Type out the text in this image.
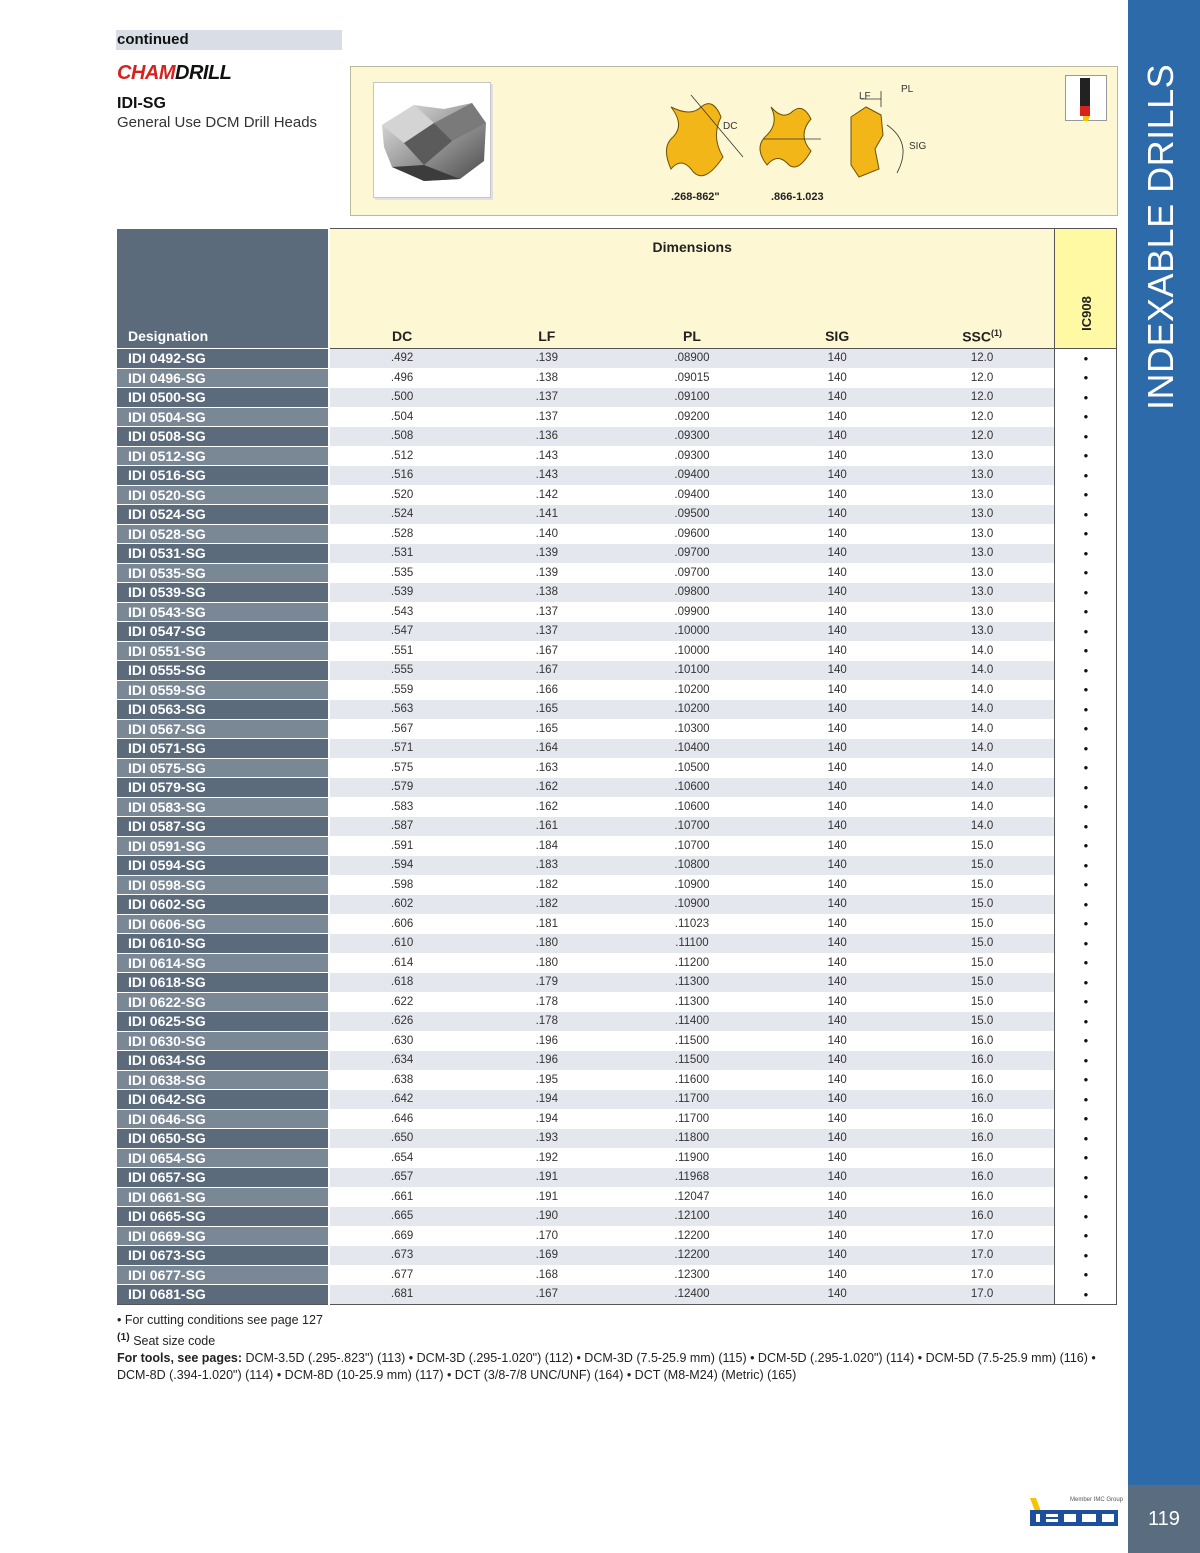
continued
CHAMDRILL
IDI-SG
General Use DCM Drill Heads	DC
LF
PL
SIG
.268-862"	.866-1.023
Designation	Dimensions					IC908
	DC	LF	PL	SIG	SSC$^{(1)}$	
IDI 0492-SG	.492	.139	.08900	140	12.0	•
IDI 0496-SG	.496	.138	.09015	140	12.0	•
IDI 0500-SG	.500	.137	.09100	140	12.0	•
IDI 0504-SG	.504	.137	.09200	140	12.0	•
IDI 0508-SG	.508	.136	.09300	140	12.0	•
IDI 0512-SG	.512	.143	.09300	140	13.0	•
IDI 0516-SG	.516	.143	.09400	140	13.0	•
IDI 0520-SG	.520	.142	.09400	140	13.0	•
IDI 0524-SG	.524	.141	.09500	140	13.0	•
IDI 0528-SG	.528	.140	.09600	140	13.0	•
IDI 0531-SG	.531	.139	.09700	140	13.0	•
IDI 0535-SG	.535	.139	.09700	140	13.0	•
IDI 0539-SG	.539	.138	.09800	140	13.0	•
IDI 0543-SG	.543	.137	.09900	140	13.0	•
IDI 0547-SG	.547	.137	.10000	140	13.0	•
IDI 0551-SG	.551	.167	.10000	140	14.0	•
IDI 0555-SG	.555	.167	.10100	140	14.0	•
IDI 0559-SG	.559	.166	.10200	140	14.0	•
IDI 0563-SG	.563	.165	.10200	140	14.0	•
IDI 0567-SG	.567	.165	.10300	140	14.0	•
IDI 0571-SG	.571	.164	.10400	140	14.0	•
IDI 0575-SG	.575	.163	.10500	140	14.0	•
IDI 0579-SG	.579	.162	.10600	140	14.0	•
IDI 0583-SG	.583	.162	.10600	140	14.0	•
IDI 0587-SG	.587	.161	.10700	140	14.0	•
IDI 0591-SG	.591	.184	.10700	140	15.0	•
IDI 0594-SG	.594	.183	.10800	140	15.0	•
IDI 0598-SG	.598	.182	.10900	140	15.0	•
IDI 0602-SG	.602	.182	.10900	140	15.0	•
IDI 0606-SG	.606	.181	.11023	140	15.0	•
IDI 0610-SG	.610	.180	.11100	140	15.0	•
IDI 0614-SG	.614	.180	.11200	140	15.0	•
IDI 0618-SG	.618	.179	.11300	140	15.0	•
IDI 0622-SG	.622	.178	.11300	140	15.0	•
IDI 0625-SG	.626	.178	.11400	140	15.0	•
IDI 0630-SG	.630	.196	.11500	140	16.0	•
IDI 0634-SG	.634	.196	.11500	140	16.0	•
IDI 0638-SG	.638	.195	.11600	140	16.0	•
IDI 0642-SG	.642	.194	.11700	140	16.0	•
IDI 0646-SG	.646	.194	.11700	140	16.0	•
IDI 0650-SG	.650	.193	.11800	140	16.0	•
IDI 0654-SG	.654	.192	.11900	140	16.0	•
IDI 0657-SG	.657	.191	.11968	140	16.0	•
IDI 0661-SG	.661	.191	.12047	140	16.0	•
IDI 0665-SG	.665	.190	.12100	140	16.0	•
IDI 0669-SG	.669	.170	.12200	140	17.0	•
IDI 0673-SG	.673	.169	.12200	140	17.0	•
IDI 0677-SG	.677	.168	.12300	140	17.0	•
IDI 0681-SG	.681	.167	.12400	140	17.0	•
• For cutting conditions see page 127
$^{(1)}$ Seat size code
For tools, see pages: DCM-3.5D (.295-.823") (113) • DCM-3D (.295-1.020") (112) • DCM-3D (7.5-25.9 mm) (115) • DCM-5D (.295-1.020") (114) • DCM-5D (7.5-25.9 mm) (116) • DCM-8D (.394-1.020") (114) • DCM-8D (10-25.9 mm) (117) • DCT (3/8-7/8 UNC/UNF) (164) • DCT (M8-M24) (Metric) (165)
INDEXABLE DRILLS
Member IMC Group
119
